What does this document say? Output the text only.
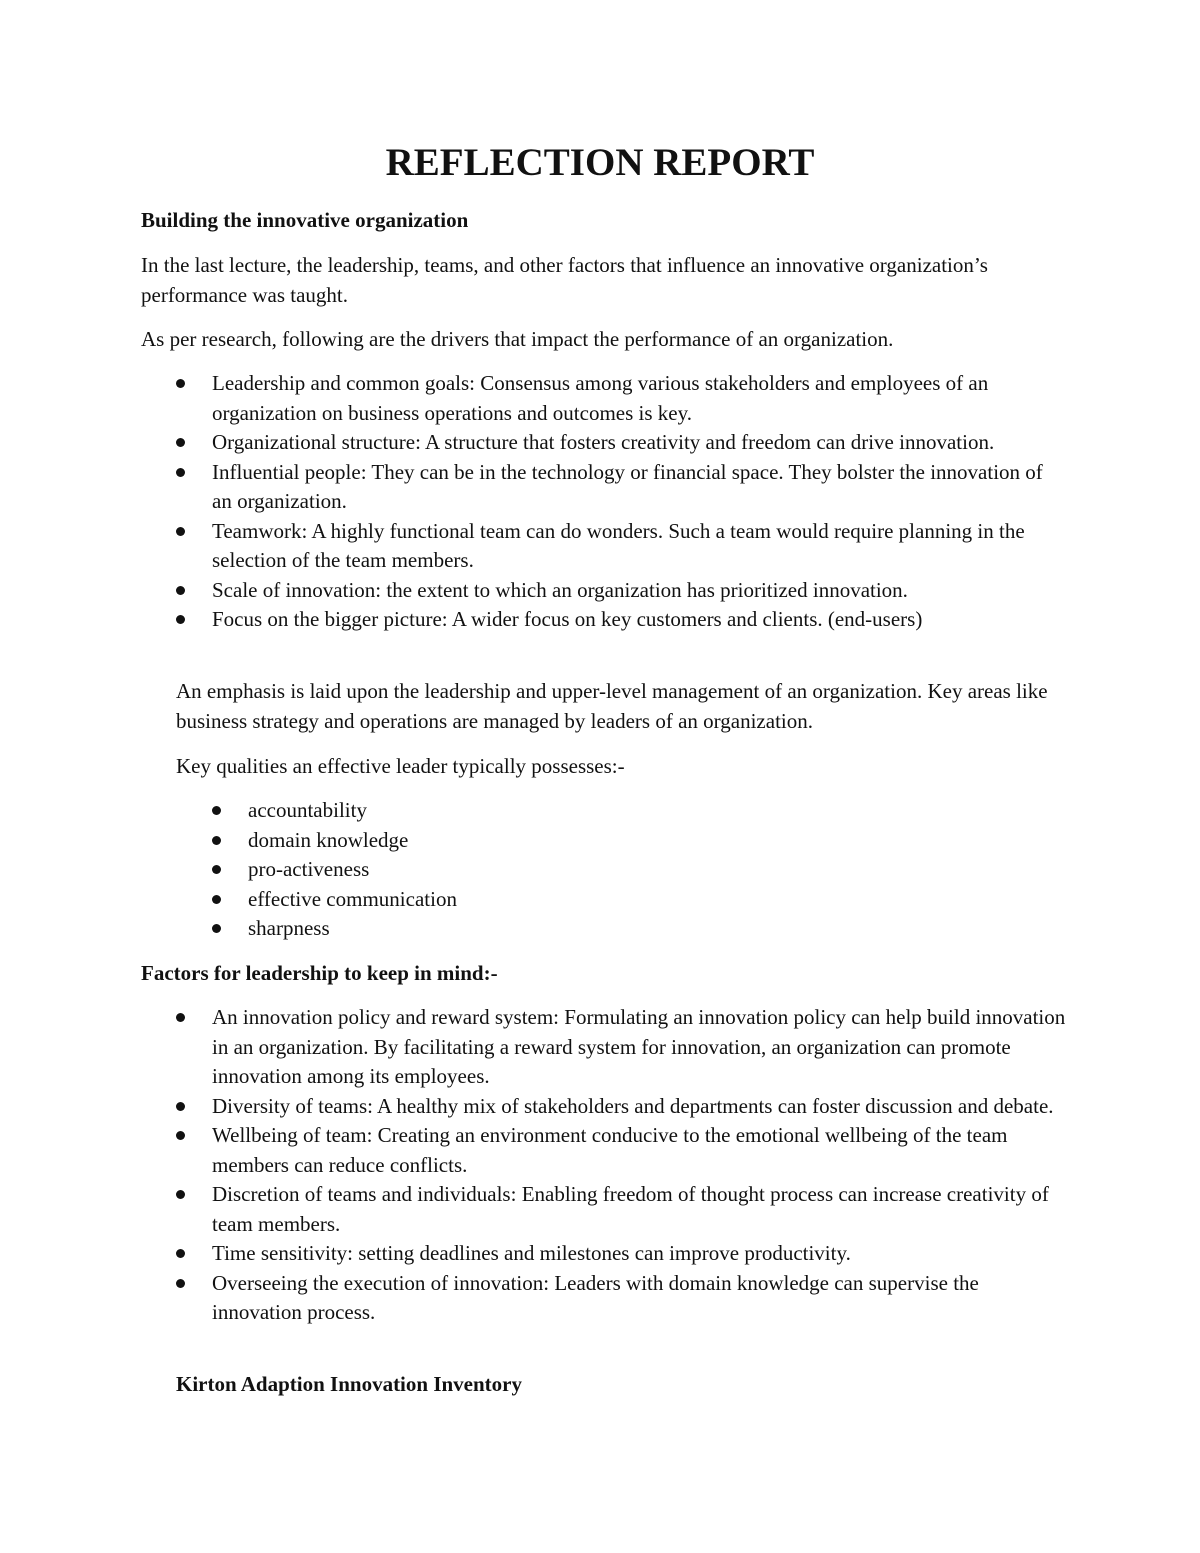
REFLECTION REPORT

Building the innovative organization

In the last lecture, the leadership, teams, and other factors that influence an innovative organization’s performance was taught.

As per research, following are the drivers that impact the performance of an organization.

Leadership and common goals: Consensus among various stakeholders and employees of an organization on business operations and outcomes is key.
Organizational structure: A structure that fosters creativity and freedom can drive innovation.
Influential people: They can be in the technology or financial space. They bolster the innovation of an organization.
Teamwork: A highly functional team can do wonders. Such a team would require planning in the selection of the team members.
Scale of innovation: the extent to which an organization has prioritized innovation.
Focus on the bigger picture: A wider focus on key customers and clients. (end-users)

An emphasis is laid upon the leadership and upper-level management of an organization. Key areas like business strategy and operations are managed by leaders of an organization.

Key qualities an effective leader typically possesses:-

accountability
domain knowledge
pro-activeness
effective communication
sharpness

Factors for leadership to keep in mind:-

An innovation policy and reward system: Formulating an innovation policy can help build innovation in an organization. By facilitating a reward system for innovation, an organization can promote innovation among its employees.
Diversity of teams: A healthy mix of stakeholders and departments can foster discussion and debate.
Wellbeing of team: Creating an environment conducive to the emotional wellbeing of the team members can reduce conflicts.
Discretion of teams and individuals: Enabling freedom of thought process can increase creativity of team members.
Time sensitivity: setting deadlines and milestones can improve productivity.
Overseeing the execution of innovation: Leaders with domain knowledge can supervise the innovation process.

Kirton Adaption Innovation Inventory
